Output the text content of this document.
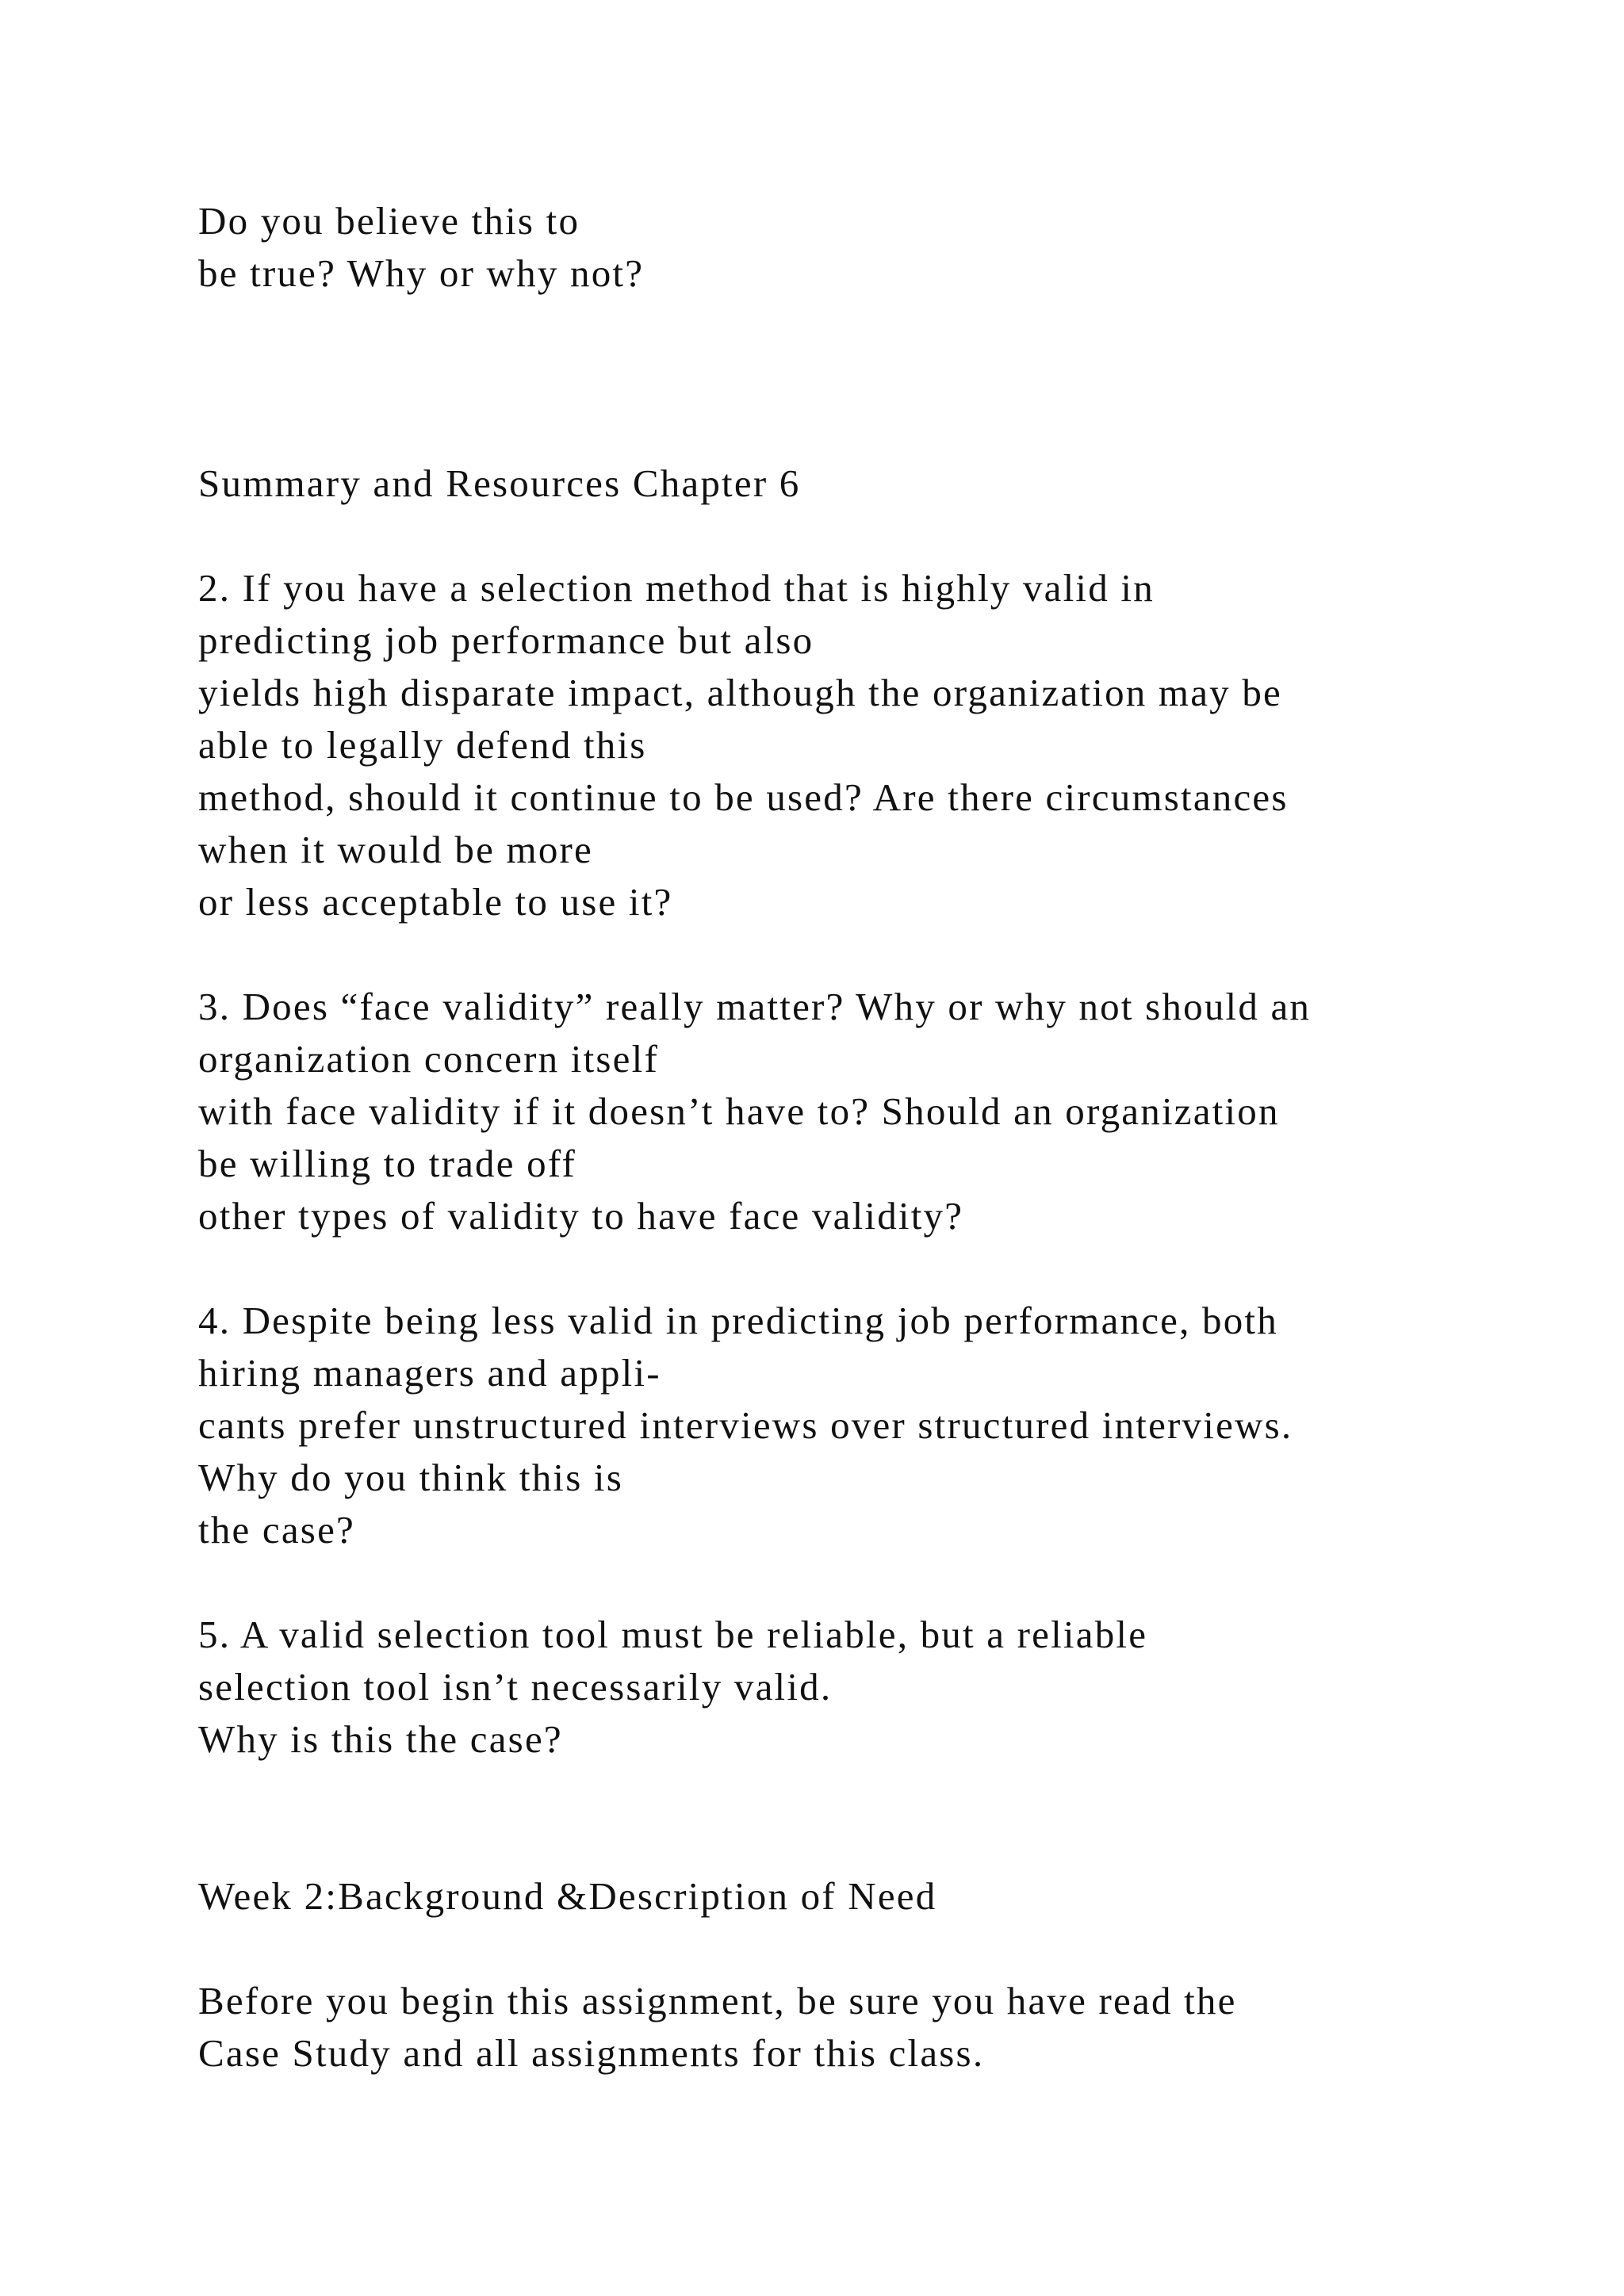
Do you believe this to

be true? Why or why not?

Summary and Resources Chapter 6

2. If you have a selection method that is highly valid in

predicting job performance but also

yields high disparate impact, although the organization may be

able to legally defend this

method, should it continue to be used? Are there circumstances

when it would be more

or less acceptable to use it?

3. Does “face validity” really matter? Why or why not should an

organization concern itself

with face validity if it doesn’t have to? Should an organization

be willing to trade off

other types of validity to have face validity?

4. Despite being less valid in predicting job performance, both

hiring managers and appli-

cants prefer unstructured interviews over structured interviews.

Why do you think this is

the case?

5. A valid selection tool must be reliable, but a reliable

selection tool isn’t necessarily valid.

Why is this the case?

Week 2:Background &Description of Need

Before you begin this assignment, be sure you have read the

Case Study and all assignments for this class.
